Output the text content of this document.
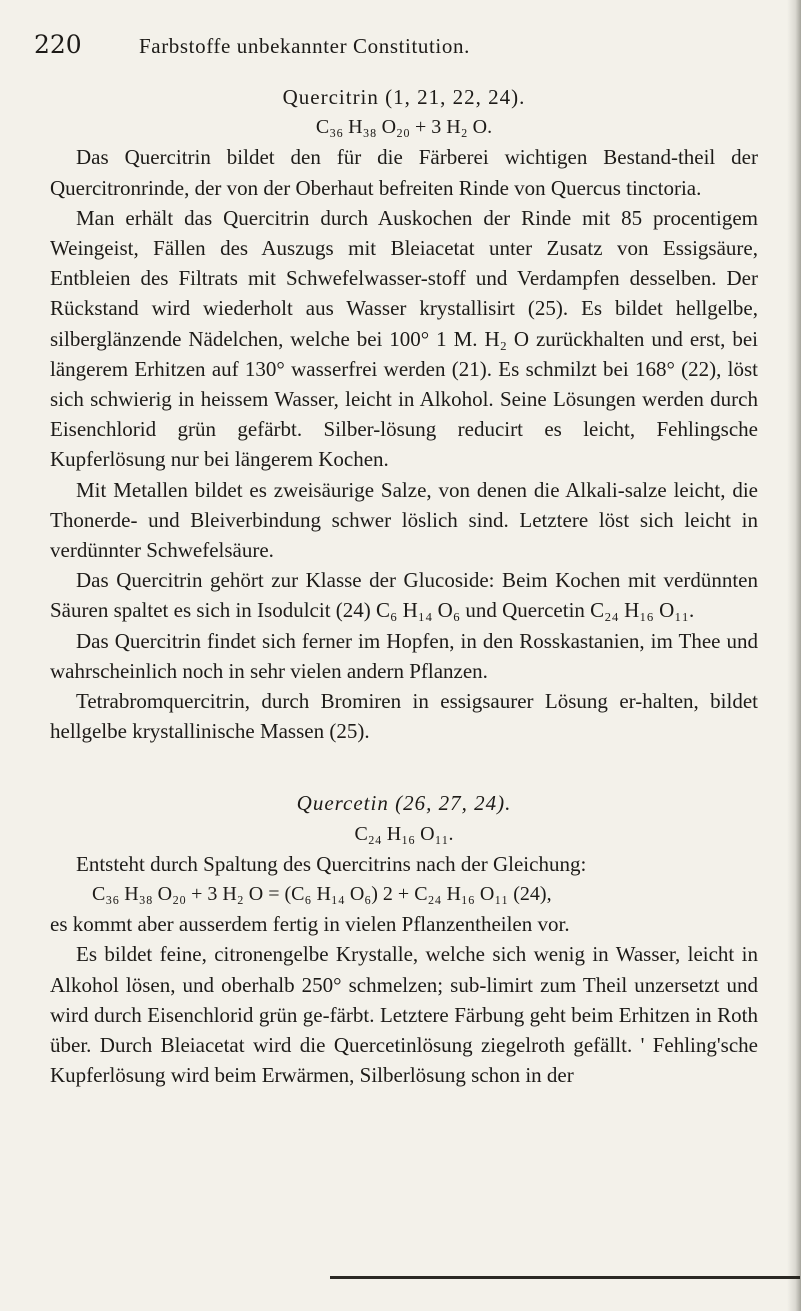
220	Farbstoffe unbekannter Constitution.
Quercitrin (1, 21, 22, 24).
C₃₆ H₃₈ O₂₀ + 3 H₂ O.

Das Quercitrin bildet den für die Färberei wichtigen Bestand-theil der Quercitronrinde, der von der Oberhaut befreiten Rinde von Quercus tinctoria.

Man erhält das Quercitrin durch Auskochen der Rinde mit 85 procentigem Weingeist, Fällen des Auszugs mit Bleiacetat unter Zusatz von Essigsäure, Entbleien des Filtrats mit Schwefelwasser-stoff und Verdampfen desselben. Der Rückstand wird wiederholt aus Wasser krystallisirt (25). Es bildet hellgelbe, silberglänzende Nädelchen, welche bei 100° 1 M. H₂ O zurückhalten und erst, bei längerem Erhitzen auf 130° wasserfrei werden (21). Es schmilzt bei 168° (22), löst sich schwierig in heissem Wasser, leicht in Alkohol. Seine Lösungen werden durch Eisenchlorid grün gefärbt. Silber-lösung reducirt es leicht, Fehlingsche Kupferlösung nur bei längerem Kochen.

Mit Metallen bildet es zweisäurige Salze, von denen die Alkali-salze leicht, die Thonerde- und Bleiverbindung schwer löslich sind. Letztere löst sich leicht in verdünnter Schwefelsäure.

Das Quercitrin gehört zur Klasse der Glucoside: Beim Kochen mit verdünnten Säuren spaltet es sich in Isodulcit (24) C₆ H₁₄ O₆ und Quercetin C₂₄ H₁₆ O₁₁.

Das Quercitrin findet sich ferner im Hopfen, in den Rosskastanien, im Thee und wahrscheinlich noch in sehr vielen andern Pflanzen.

Tetrabromquercitrin, durch Bromiren in essigsaurer Lösung er-halten, bildet hellgelbe krystallinische Massen (25).

Quercetin (26, 27, 24).
C₂₄ H₁₆ O₁₁.

Entsteht durch Spaltung des Quercitrins nach der Gleichung:

C₃₆ H₃₈ O₂₀ + 3 H₂ O = (C₆ H₁₄ O₆) 2 + C₂₄ H₁₆ O₁₁ (24),

es kommt aber ausserdem fertig in vielen Pflanzentheilen vor.

Es bildet feine, citronengelbe Krystalle, welche sich wenig in Wasser, leicht in Alkohol lösen, und oberhalb 250° schmelzen; sub-limirt zum Theil unzersetzt und wird durch Eisenchlorid grün ge-färbt. Letztere Färbung geht beim Erhitzen in Roth über. Durch Bleiacetat wird die Quercetinlösung ziegelroth gefällt. ' Fehling'sche Kupferlösung wird beim Erwärmen, Silberlösung schon in der
